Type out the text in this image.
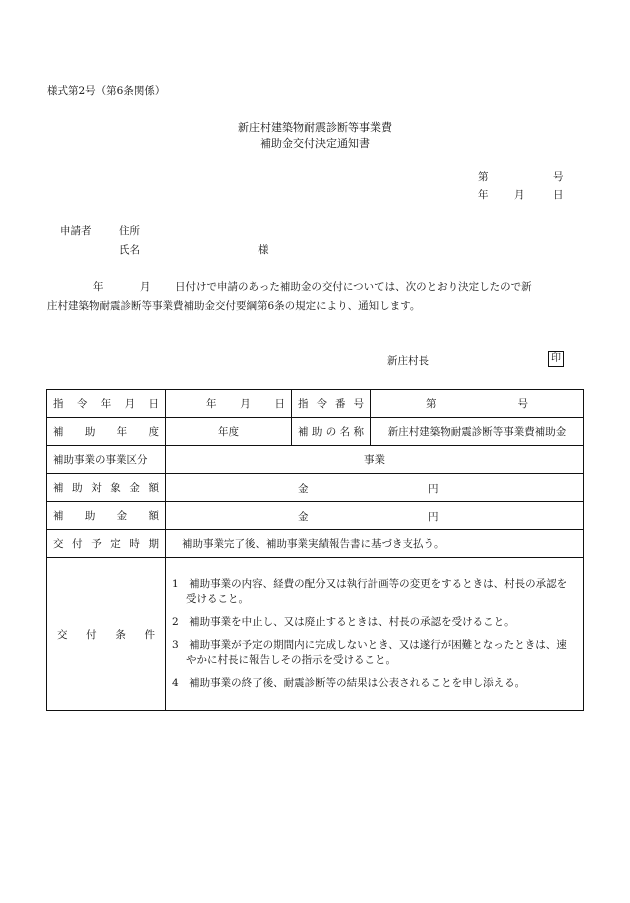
様式第2号（第6条関係）
新庄村建築物耐震診断等事業費
補助金交付決定通知書
第	号
年 月	日
申請者	住所
氏名	様
年	月 日付けで申請のあった補助金の交付については、次のとおり決定したので新
庄村建築物耐震診断等事業費補助金交付要綱第6条の規定により、通知します。
新庄村長	印
指 令 年 月 日	年 月 日	指 令 番 号	第 号

補 助 年 度	年度	補助の名称	新庄村建築物耐震診断等事業費補助金
補助事業の事業区分	事業		
補 助 対 象 金 額	金 円		

補 助 金 額	金 円		

交 付 予 定 時 期	補助事業完了後、補助事業実績報告書に基づき支払う。		
交 付 条 件	1　補助事業の内容、経費の配分又は執行計画等の変更をするときは、村長の承認を受けること。

2　補助事業を中止し、又は廃止するときは、村長の承認を受けること。

3　補助事業が予定の期間内に完成しないとき、又は遂行が困難となったときは、速やかに村長に報告しその指示を受けること。

4　補助事業の終了後、耐震診断等の結果は公表されることを申し添える。		
